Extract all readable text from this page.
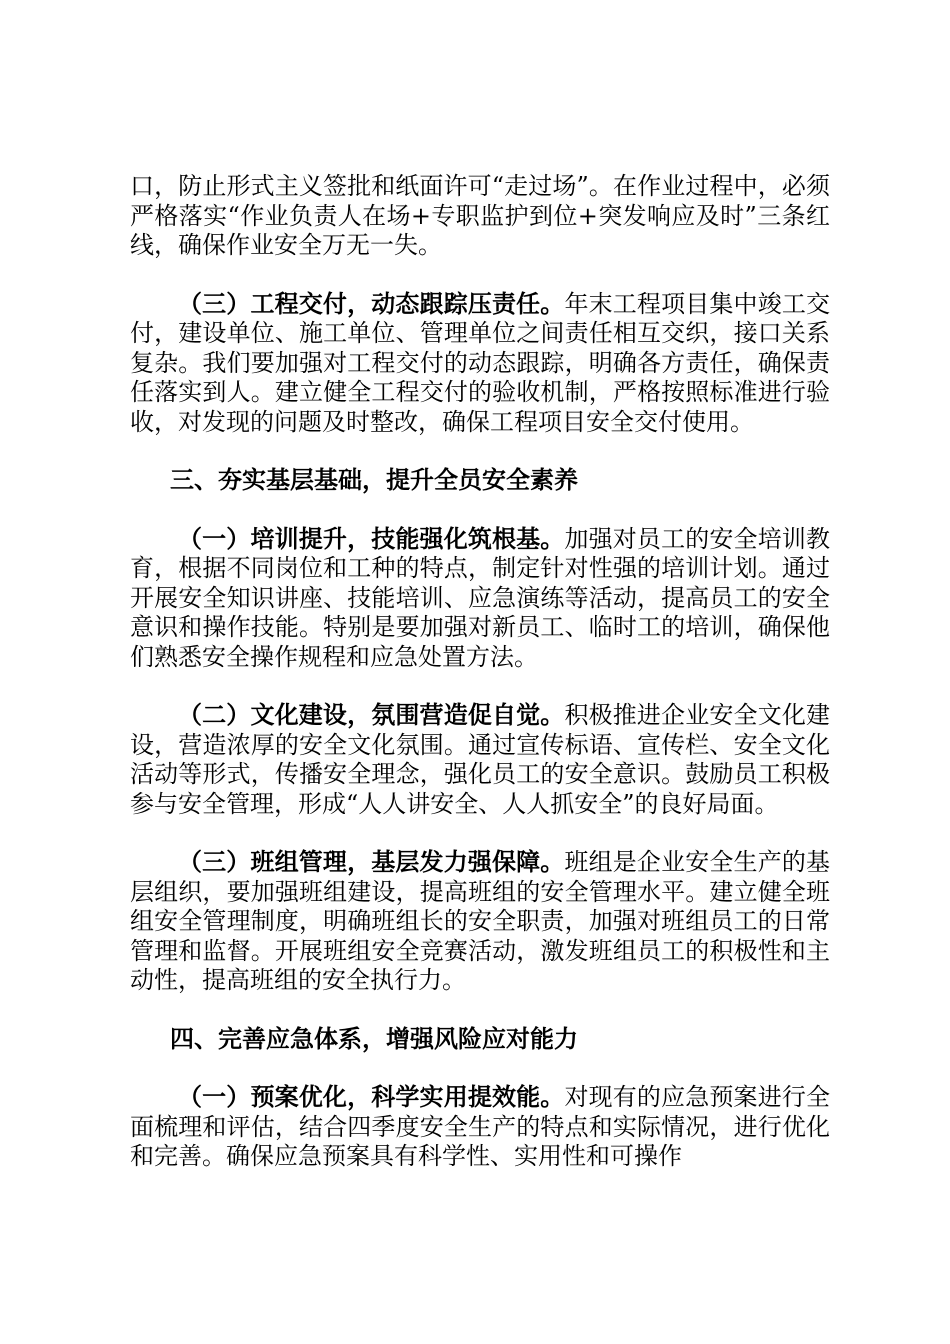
口，防止形式主义签批和纸面许可“走过场”。在作业过程中，必须严格落实“作业负责人在场+专职监护到位+突发响应及时”三条红线，确保作业安全万无一失。

（三）工程交付，动态跟踪压责任。年末工程项目集中竣工交付，建设单位、施工单位、管理单位之间责任相互交织，接口关系复杂。我们要加强对工程交付的动态跟踪，明确各方责任，确保责任落实到人。建立健全工程交付的验收机制，严格按照标准进行验收，对发现的问题及时整改，确保工程项目安全交付使用。

三、夯实基层基础，提升全员安全素养

（一）培训提升，技能强化筑根基。加强对员工的安全培训教育，根据不同岗位和工种的特点，制定针对性强的培训计划。通过开展安全知识讲座、技能培训、应急演练等活动，提高员工的安全意识和操作技能。特别是要加强对新员工、临时工的培训，确保他们熟悉安全操作规程和应急处置方法。

（二）文化建设，氛围营造促自觉。积极推进企业安全文化建设，营造浓厚的安全文化氛围。通过宣传标语、宣传栏、安全文化活动等形式，传播安全理念，强化员工的安全意识。鼓励员工积极参与安全管理，形成“人人讲安全、人人抓安全”的良好局面。

（三）班组管理，基层发力强保障。班组是企业安全生产的基层组织，要加强班组建设，提高班组的安全管理水平。建立健全班组安全管理制度，明确班组长的安全职责，加强对班组员工的日常管理和监督。开展班组安全竞赛活动，激发班组员工的积极性和主动性，提高班组的安全执行力。

四、完善应急体系，增强风险应对能力

（一）预案优化，科学实用提效能。对现有的应急预案进行全面梳理和评估，结合四季度安全生产的特点和实际情况，进行优化和完善。确保应急预案具有科学性、实用性和可操作
